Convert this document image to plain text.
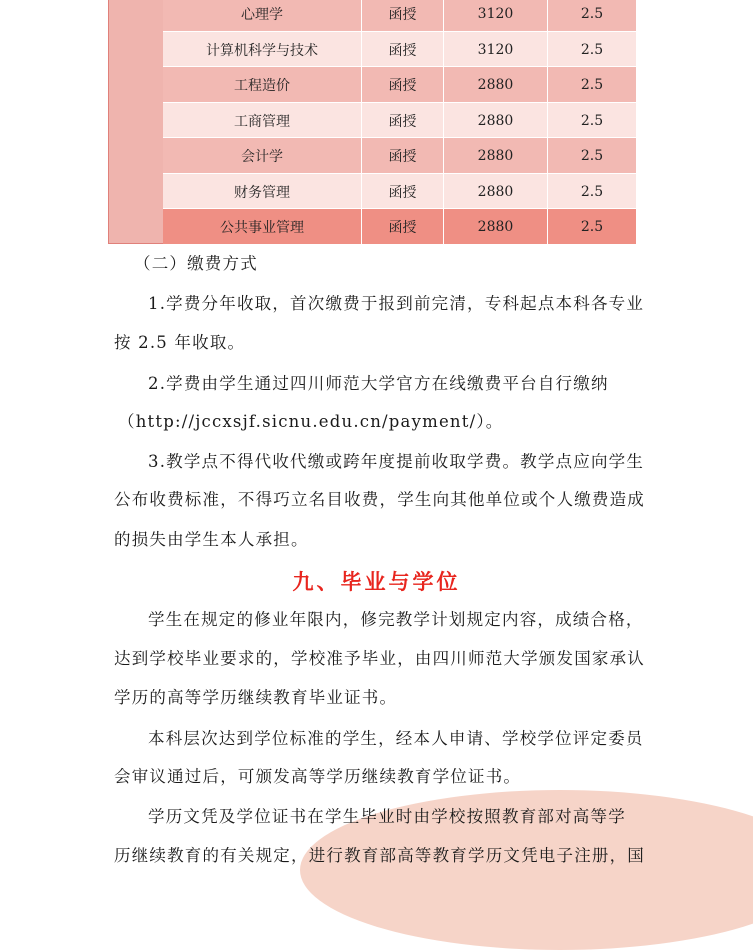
心理学	函授	3120	2.5
计算机科学与技术	函授	3120	2.5
工程造价	函授	2880	2.5
工商管理	函授	2880	2.5
会计学	函授	2880	2.5
财务管理	函授	2880	2.5
公共事业管理	函授	2880	2.5
（二）缴费方式
1.学费分年收取，首次缴费于报到前完清，专科起点本科各专业
按 2.5 年收取。
2.学费由学生通过四川师范大学官方在线缴费平台自行缴纳
（http://jccxsjf.sicnu.edu.cn/payment/）。
3.教学点不得代收代缴或跨年度提前收取学费。教学点应向学生
公布收费标准，不得巧立名目收费，学生向其他单位或个人缴费造成
的损失由学生本人承担。
九、毕业与学位
学生在规定的修业年限内，修完教学计划规定内容，成绩合格，
达到学校毕业要求的，学校准予毕业，由四川师范大学颁发国家承认
学历的高等学历继续教育毕业证书。
本科层次达到学位标准的学生，经本人申请、学校学位评定委员
会审议通过后，可颁发高等学历继续教育学位证书。
学历文凭及学位证书在学生毕业时由学校按照教育部对高等学
历继续教育的有关规定，进行教育部高等教育学历文凭电子注册，国
